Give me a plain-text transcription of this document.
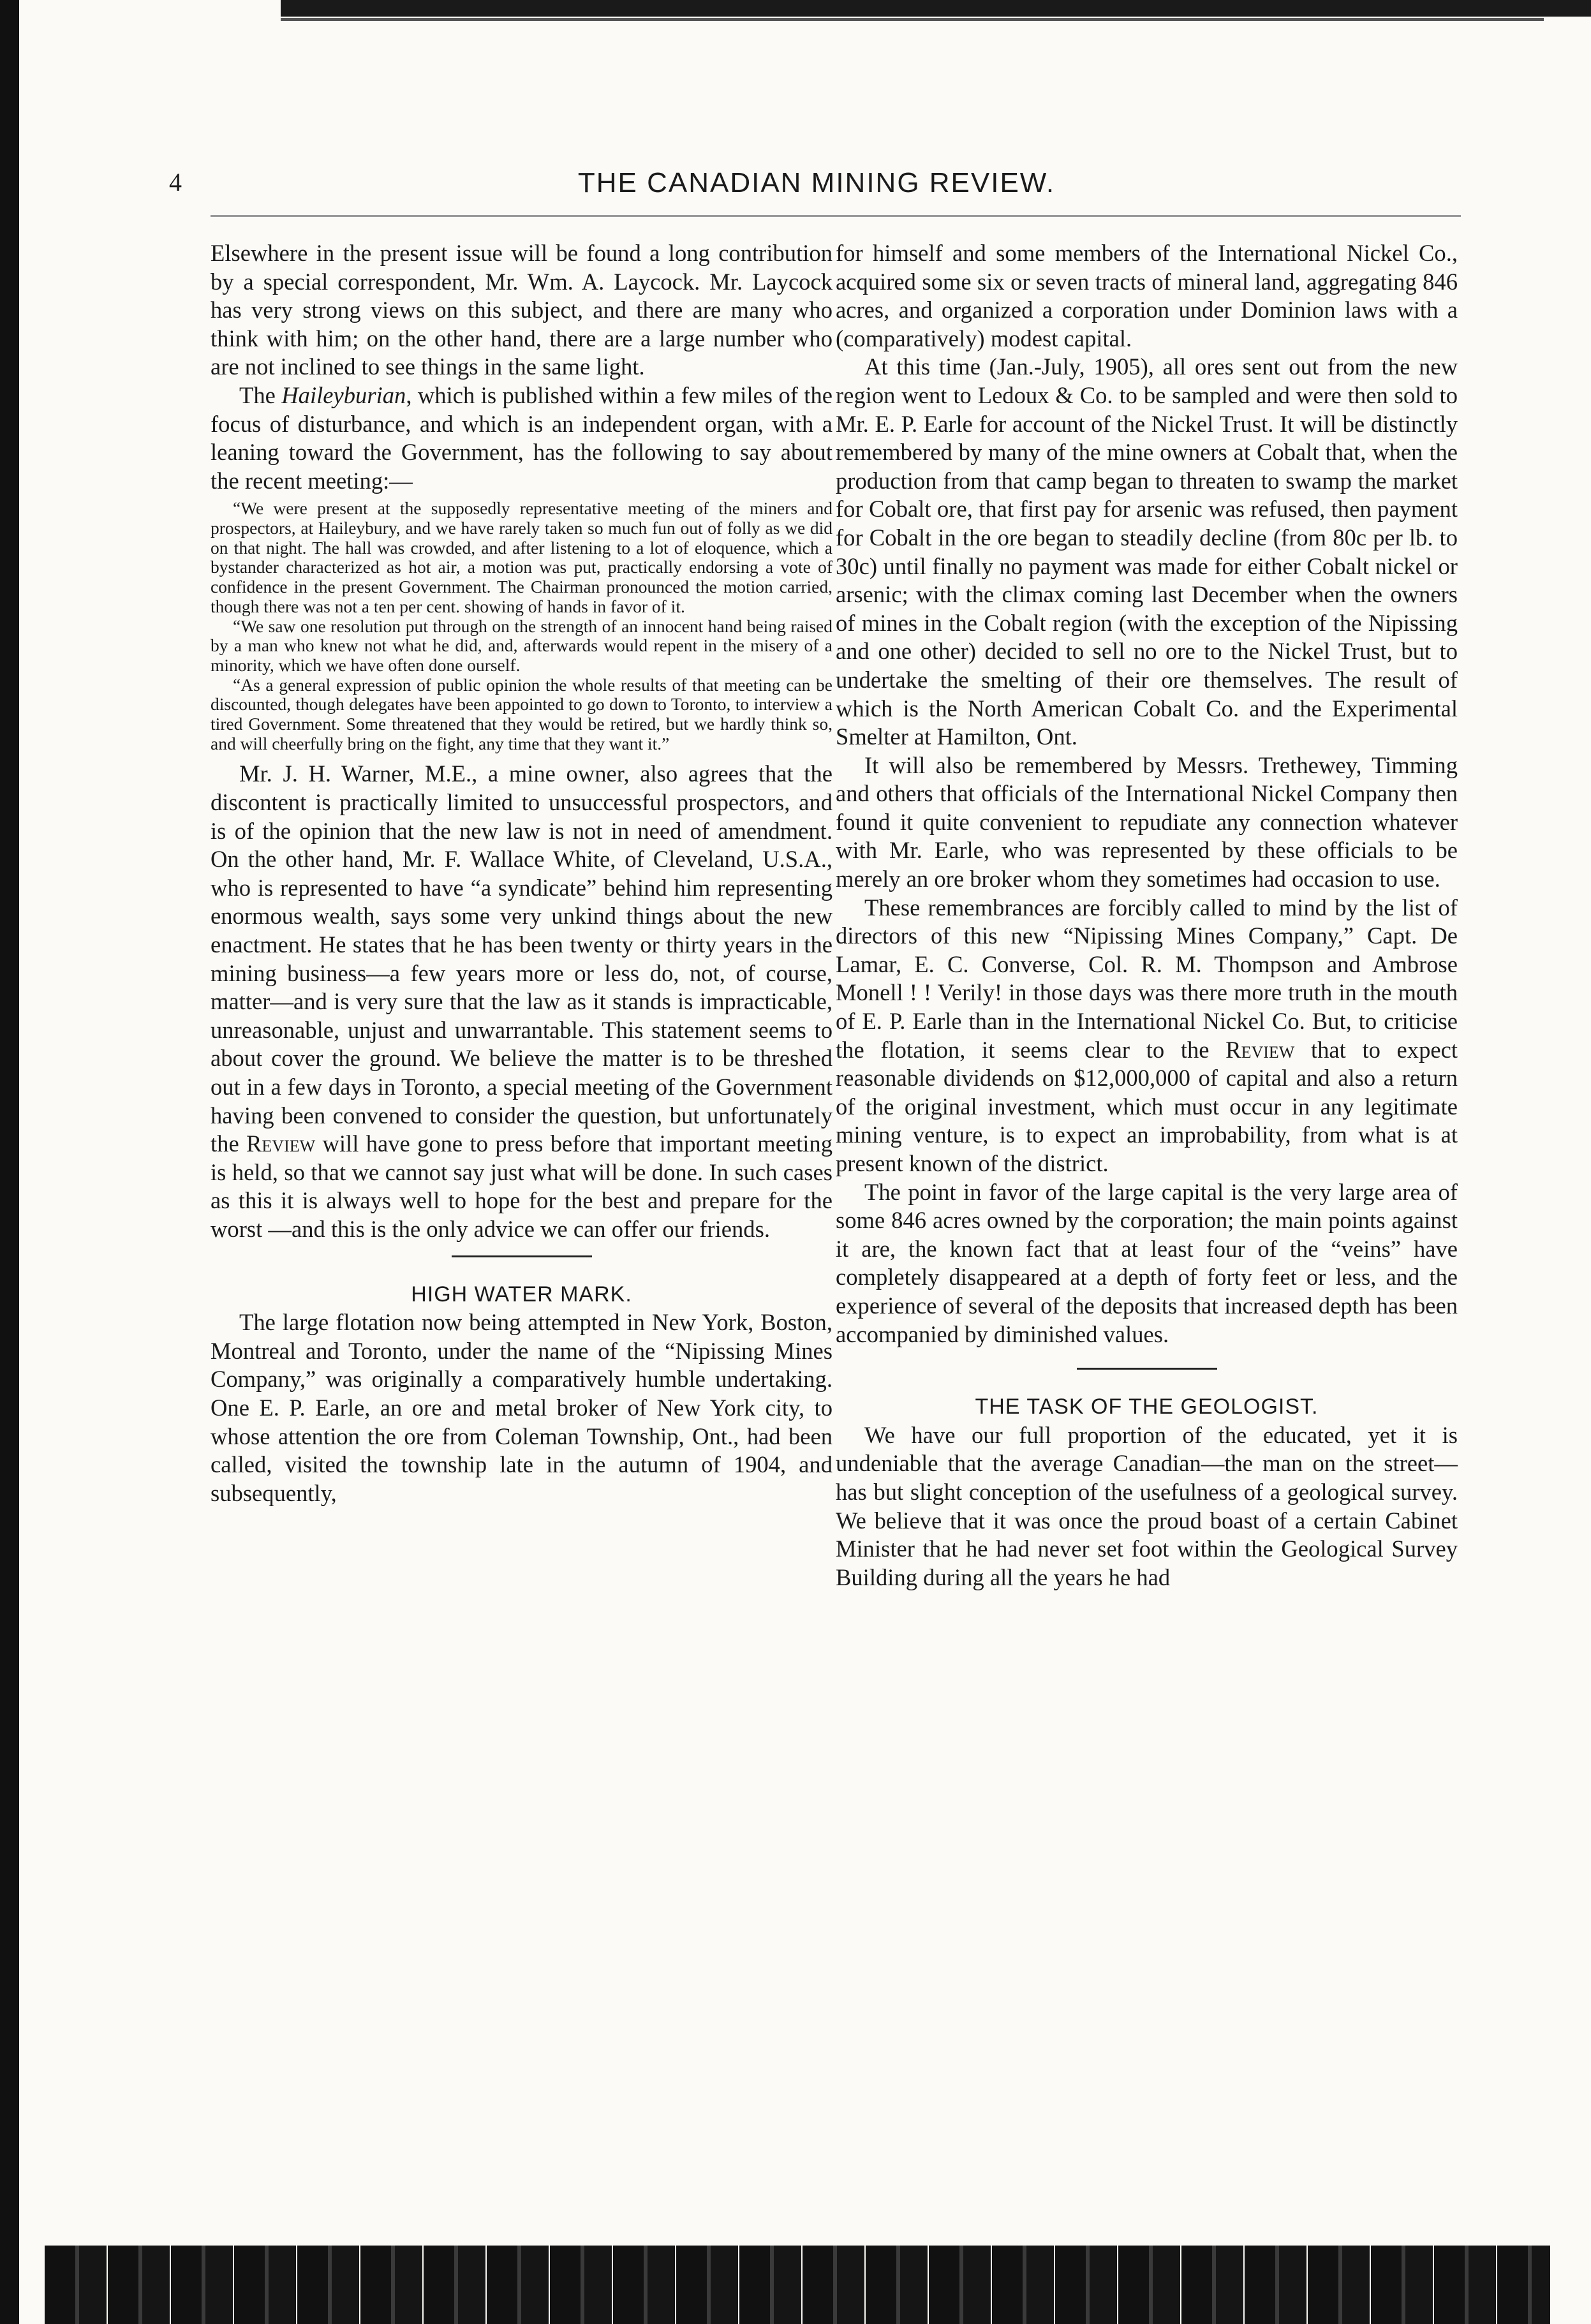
4	THE CANADIAN MINING REVIEW.

Elsewhere in the present issue will be found a long contribution by a special correspondent, Mr. Wm. A. Laycock. Mr. Laycock has very strong views on this subject, and there are many who think with him; on the other hand, there are a large number who are not inclined to see things in the same light.

The Haileyburian, which is published within a few miles of the focus of disturbance, and which is an independent organ, with a leaning toward the Government, has the following to say about the recent meeting:—

“We were present at the supposedly representative meeting of the miners and prospectors, at Haileybury, and we have rarely taken so much fun out of folly as we did on that night. The hall was crowded, and after listening to a lot of eloquence, which a bystander characterized as hot air, a motion was put, practically endorsing a vote of confidence in the present Government. The Chairman pronounced the motion carried, though there was not a ten per cent. showing of hands in favor of it.

“We saw one resolution put through on the strength of an innocent hand being raised by a man who knew not what he did, and, afterwards would repent in the misery of a minority, which we have often done ourself.

“As a general expression of public opinion the whole results of that meeting can be discounted, though delegates have been appointed to go down to Toronto, to interview a tired Government. Some threatened that they would be retired, but we hardly think so, and will cheerfully bring on the fight, any time that they want it.”

Mr. J. H. Warner, M.E., a mine owner, also agrees that the discontent is practically limited to unsuccessful prospectors, and is of the opinion that the new law is not in need of amendment. On the other hand, Mr. F. Wallace White, of Cleveland, U.S.A., who is represented to have “a syndicate” behind him representing enormous wealth, says some very unkind things about the new enactment. He states that he has been twenty or thirty years in the mining business—a few years more or less do, not, of course, matter—and is very sure that the law as it stands is impracticable, unreasonable, unjust and unwarrantable. This statement seems to about cover the ground. We believe the matter is to be threshed out in a few days in Toronto, a special meeting of the Government having been convened to consider the question, but unfortunately the Review will have gone to press before that important meeting is held, so that we cannot say just what will be done. In such cases as this it is always well to hope for the best and prepare for the worst —and this is the only advice we can offer our friends.

HIGH WATER MARK.

The large flotation now being attempted in New York, Boston, Montreal and Toronto, under the name of the “Nipissing Mines Company,” was originally a comparatively humble undertaking. One E. P. Earle, an ore and metal broker of New York city, to whose attention the ore from Coleman Township, Ont., had been called, visited the township late in the autumn of 1904, and subsequently,

for himself and some members of the International Nickel Co., acquired some six or seven tracts of mineral land, aggregating 846 acres, and organized a corporation under Dominion laws with a (comparatively) modest capital.

At this time (Jan.-July, 1905), all ores sent out from the new region went to Ledoux & Co. to be sampled and were then sold to Mr. E. P. Earle for account of the Nickel Trust. It will be distinctly remembered by many of the mine owners at Cobalt that, when the production from that camp began to threaten to swamp the market for Cobalt ore, that first pay for arsenic was refused, then payment for Cobalt in the ore began to steadily decline (from 80c per lb. to 30c) until finally no payment was made for either Cobalt nickel or arsenic; with the climax coming last December when the owners of mines in the Cobalt region (with the exception of the Nipissing and one other) decided to sell no ore to the Nickel Trust, but to undertake the smelting of their ore themselves. The result of which is the North American Cobalt Co. and the Experimental Smelter at Hamilton, Ont.

It will also be remembered by Messrs. Trethewey, Timming and others that officials of the International Nickel Company then found it quite convenient to repudiate any connection whatever with Mr. Earle, who was represented by these officials to be merely an ore broker whom they sometimes had occasion to use.

These remembrances are forcibly called to mind by the list of directors of this new “Nipissing Mines Company,” Capt. De Lamar, E. C. Converse, Col. R. M. Thompson and Ambrose Monell ! ! Verily! in those days was there more truth in the mouth of E. P. Earle than in the International Nickel Co. But, to criticise the flotation, it seems clear to the Review that to expect reasonable dividends on $12,000,000 of capital and also a return of the original investment, which must occur in any legitimate mining venture, is to expect an improbability, from what is at present known of the district.

The point in favor of the large capital is the very large area of some 846 acres owned by the corporation; the main points against it are, the known fact that at least four of the “veins” have completely disappeared at a depth of forty feet or less, and the experience of several of the deposits that increased depth has been accompanied by diminished values.

THE TASK OF THE GEOLOGIST.

We have our full proportion of the educated, yet it is undeniable that the average Canadian—the man on the street—has but slight conception of the usefulness of a geological survey. We believe that it was once the proud boast of a certain Cabinet Minister that he had never set foot within the Geological Survey Building during all the years he had
